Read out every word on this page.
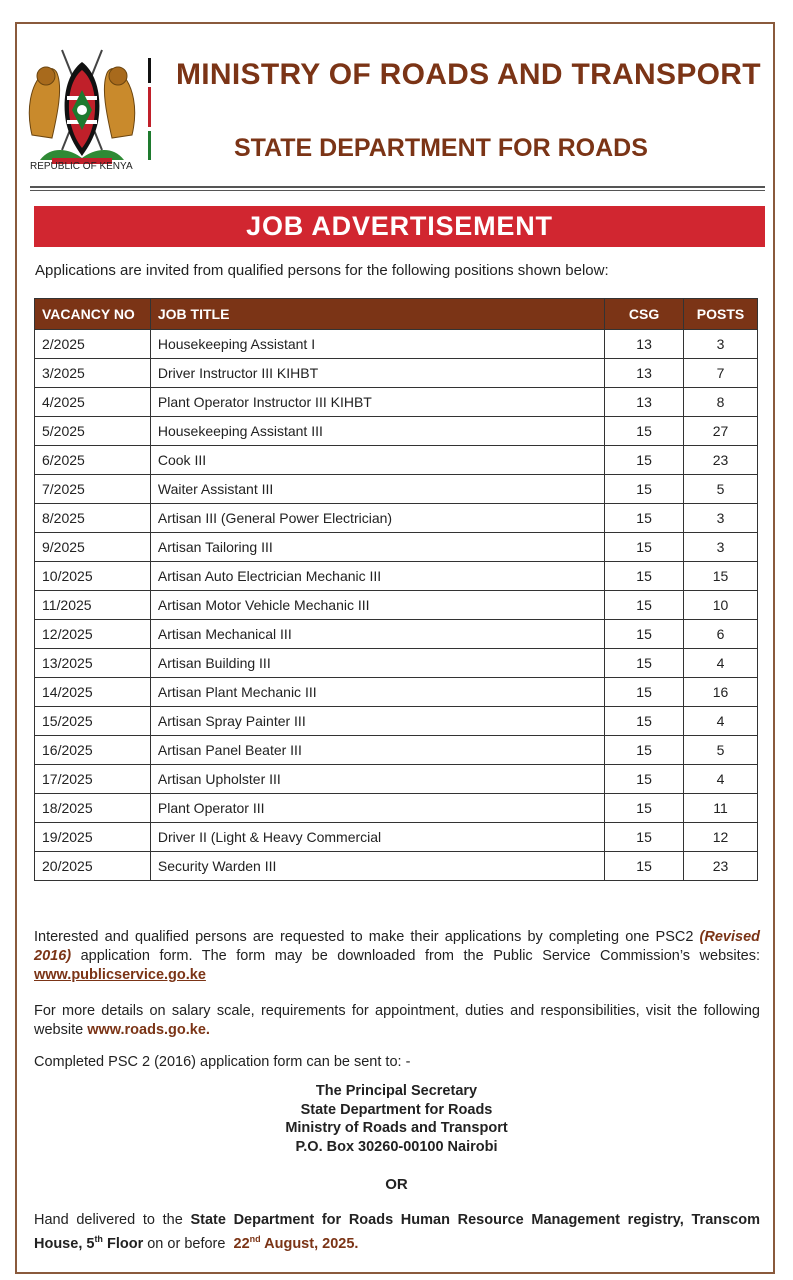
REPUBLIC OF KENYA
MINISTRY OF ROADS AND TRANSPORT
STATE DEPARTMENT FOR ROADS
JOB ADVERTISEMENT
Applications are invited from qualified persons for the following positions shown below:
VACANCY NO	JOB TITLE	CSG	POSTS
2/2025	Housekeeping Assistant I	13	3
3/2025	Driver Instructor III KIHBT	13	7
4/2025	Plant Operator Instructor III KIHBT	13	8
5/2025	Housekeeping Assistant III	15	27
6/2025	Cook III	15	23
7/2025	Waiter Assistant III	15	5
8/2025	Artisan III (General Power Electrician)	15	3
9/2025	Artisan Tailoring III	15	3
10/2025	Artisan Auto Electrician Mechanic III	15	15
11/2025	Artisan Motor Vehicle Mechanic III	15	10
12/2025	Artisan Mechanical III	15	6
13/2025	Artisan Building III	15	4
14/2025	Artisan Plant Mechanic III	15	16
15/2025	Artisan Spray Painter III	15	4
16/2025	Artisan Panel Beater III	15	5
17/2025	Artisan Upholster III	15	4
18/2025	Plant Operator III	15	11
19/2025	Driver II (Light & Heavy Commercial	15	12
20/2025	Security Warden III	15	23
Interested and qualified persons are requested to make their applications by completing one PSC2 (Revised 2016) application form. The form may be downloaded from the Public Service Commission’s websites: www.publicservice.go.ke
For more details on salary scale, requirements for appointment, duties and responsibilities, visit the following website www.roads.go.ke.
Completed PSC 2 (2016) application form can be sent to: -
The Principal Secretary
State Department for Roads
Ministry of Roads and Transport
P.O. Box 30260-00100 Nairobi
OR
Hand delivered to the State Department for Roads Human Resource Management registry, Transcom House, 5th Floor on or before  22nd August, 2025.
